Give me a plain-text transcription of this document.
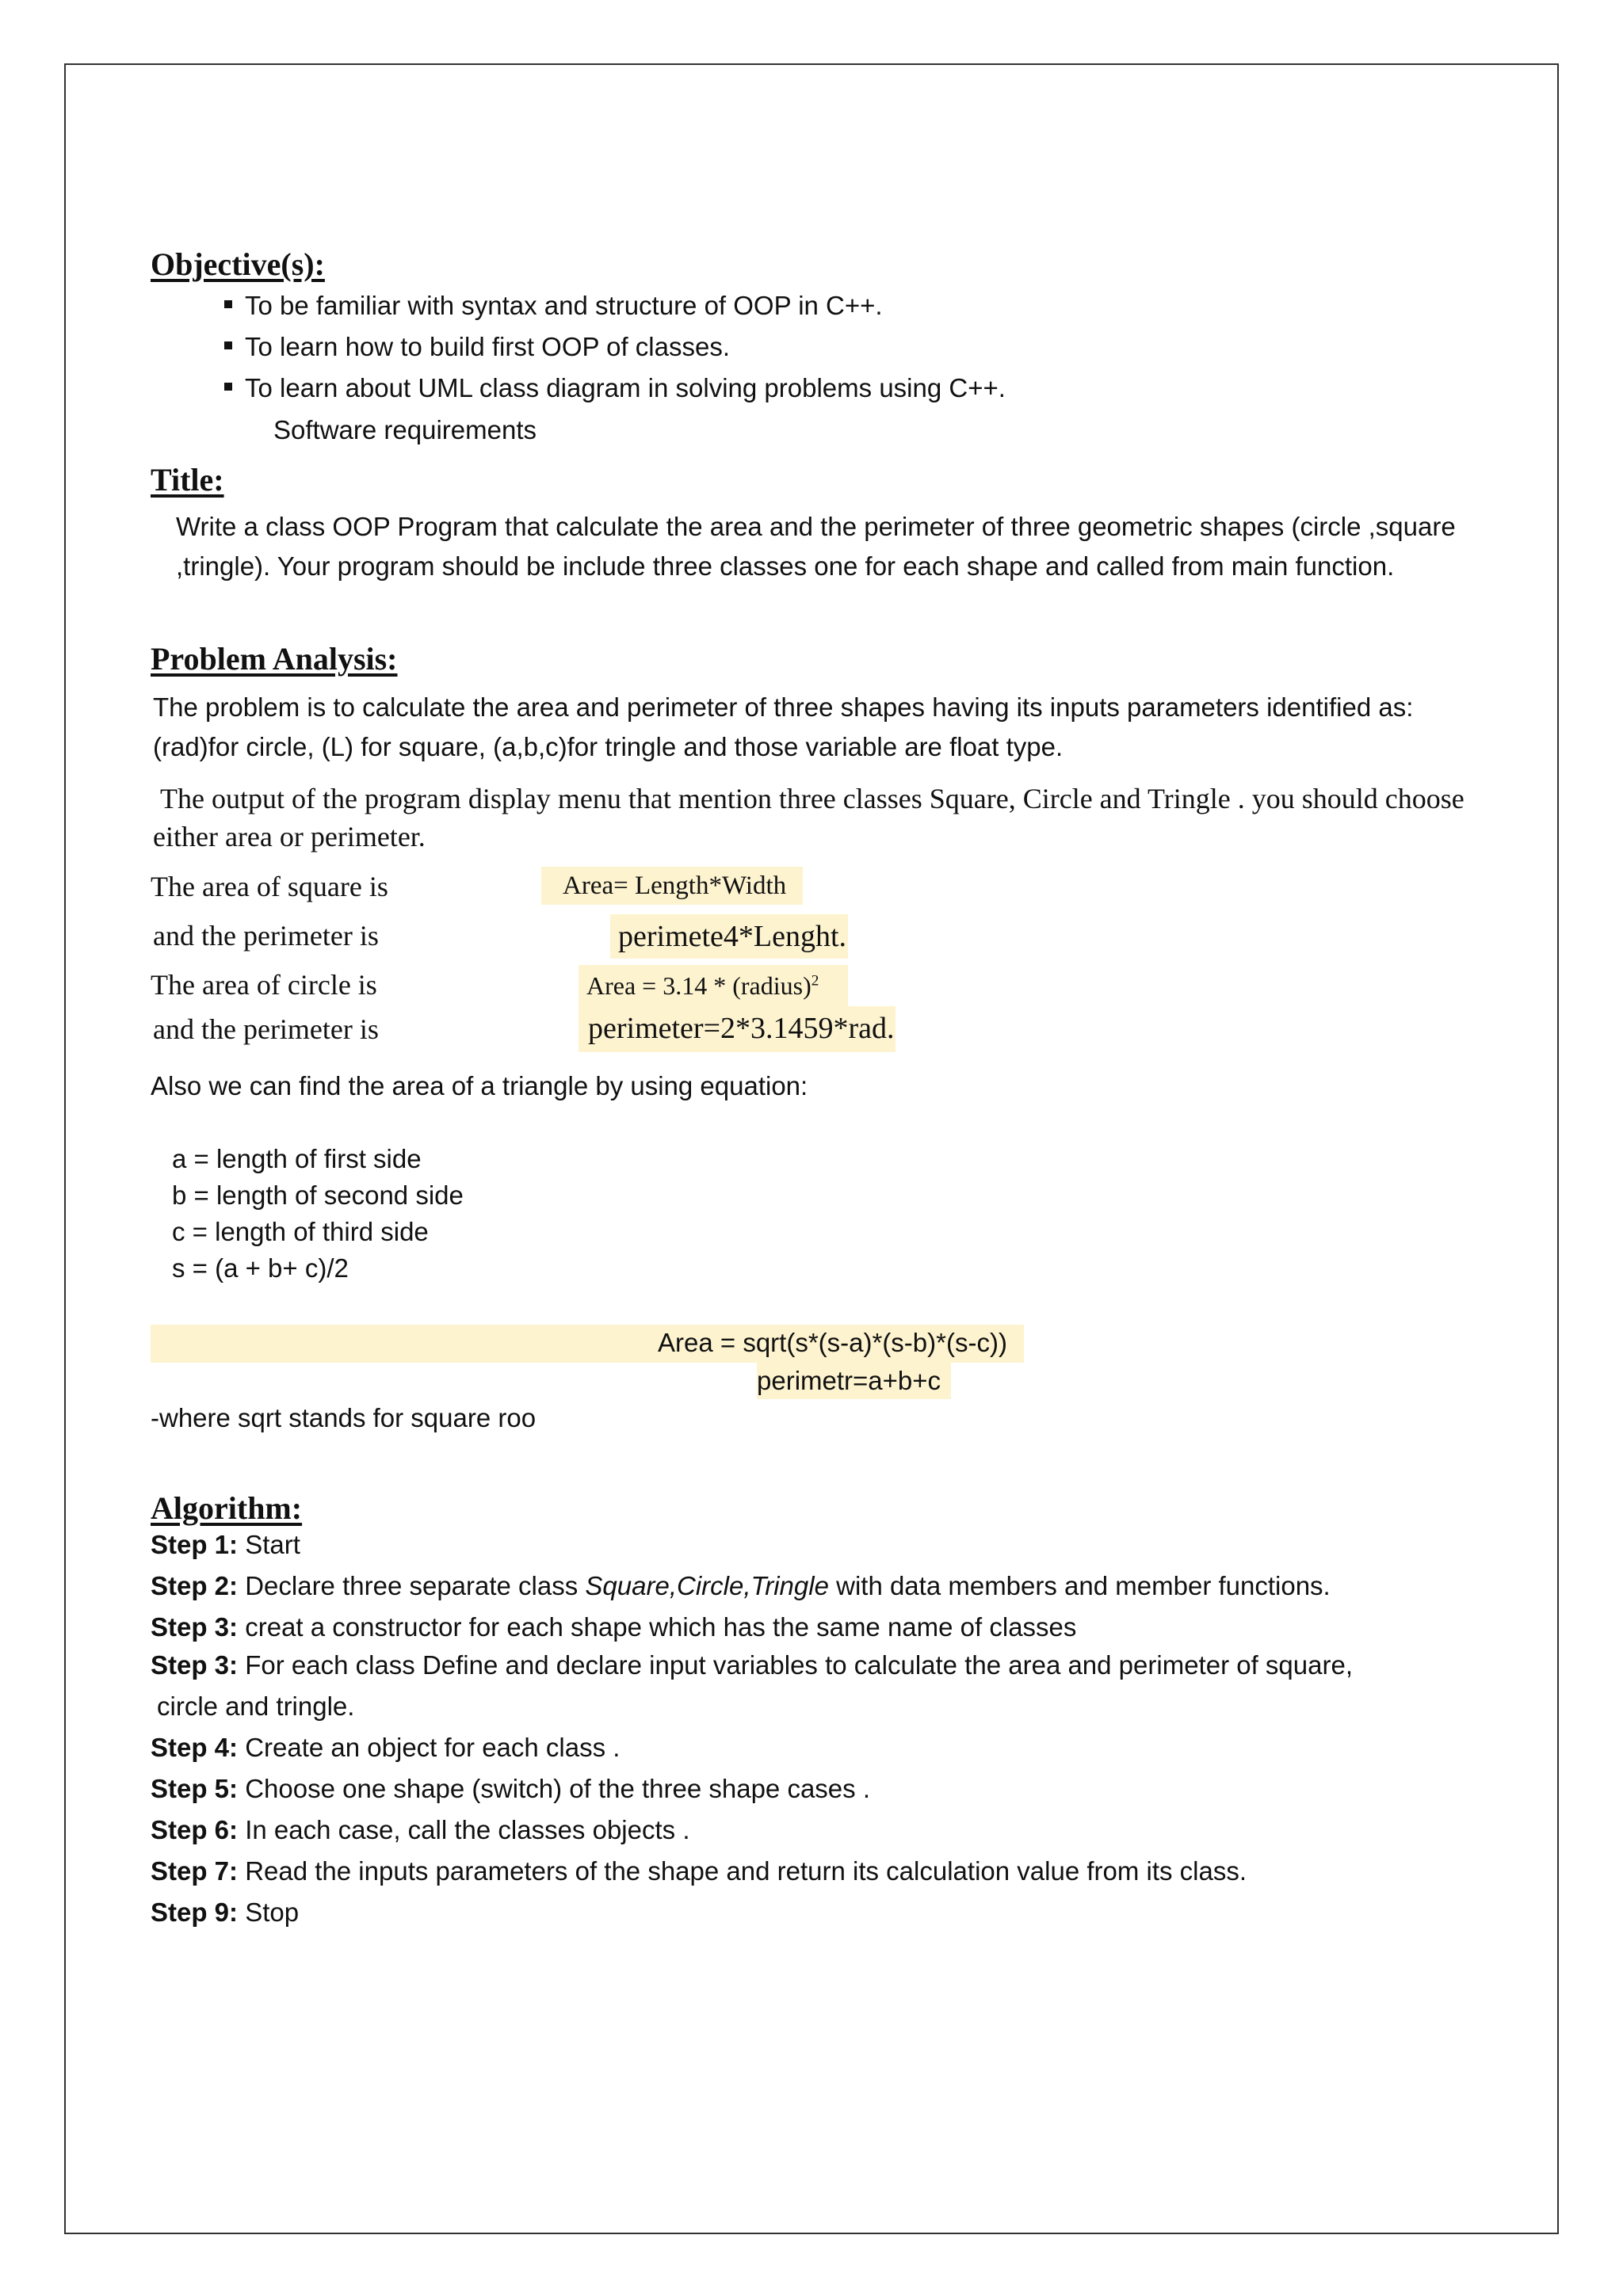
Objective(s):
To be familiar with syntax and structure of OOP in C++.
To learn how to build first OOP of classes.
To learn about UML class diagram in solving problems using C++.
Software requirements
Title:
Write a class OOP Program that calculate the area and the perimeter of three geometric shapes (circle ,square
,tringle). Your program should be include three classes one for each shape and called from main function.
Problem Analysis:
The problem is to calculate the area and perimeter of three shapes having its inputs parameters identified as:
(rad)for circle, (L) for square, (a,b,c)for tringle and those variable are float type.
The output of the program display menu that mention three classes Square, Circle and Tringle . you should choose
either area or perimeter.
The area of square is	Area= Length*Width
and the perimeter is	perimete4*Lenght.
The area of circle is	Area = 3.14 * (radius)$^2$
and the perimeter is	perimeter=2*3.1459*rad.
Also we can find the area of a triangle by using equation:
a = length of first side
b = length of second side
c = length of third side
s = (a + b+ c)/2
Area = sqrt(s*(s-a)*(s-b)*(s-c))
perimetr=a+b+c
-where sqrt stands for square roo
Algorithm:
Step 1: Start
Step 2: Declare three separate class Square,Circle,Tringle with data members and member functions.
Step 3: creat a constructor for each shape which has the same name of classes
Step 3: For each class Define and declare input variables to calculate the area and perimeter of square,
circle and tringle.
Step 4: Create an object for each class .
Step 5: Choose one shape (switch) of the three shape cases .
Step 6: In each case, call the classes objects .
Step 7: Read the inputs parameters of the shape and return its calculation value from its class.
Step 9: Stop
